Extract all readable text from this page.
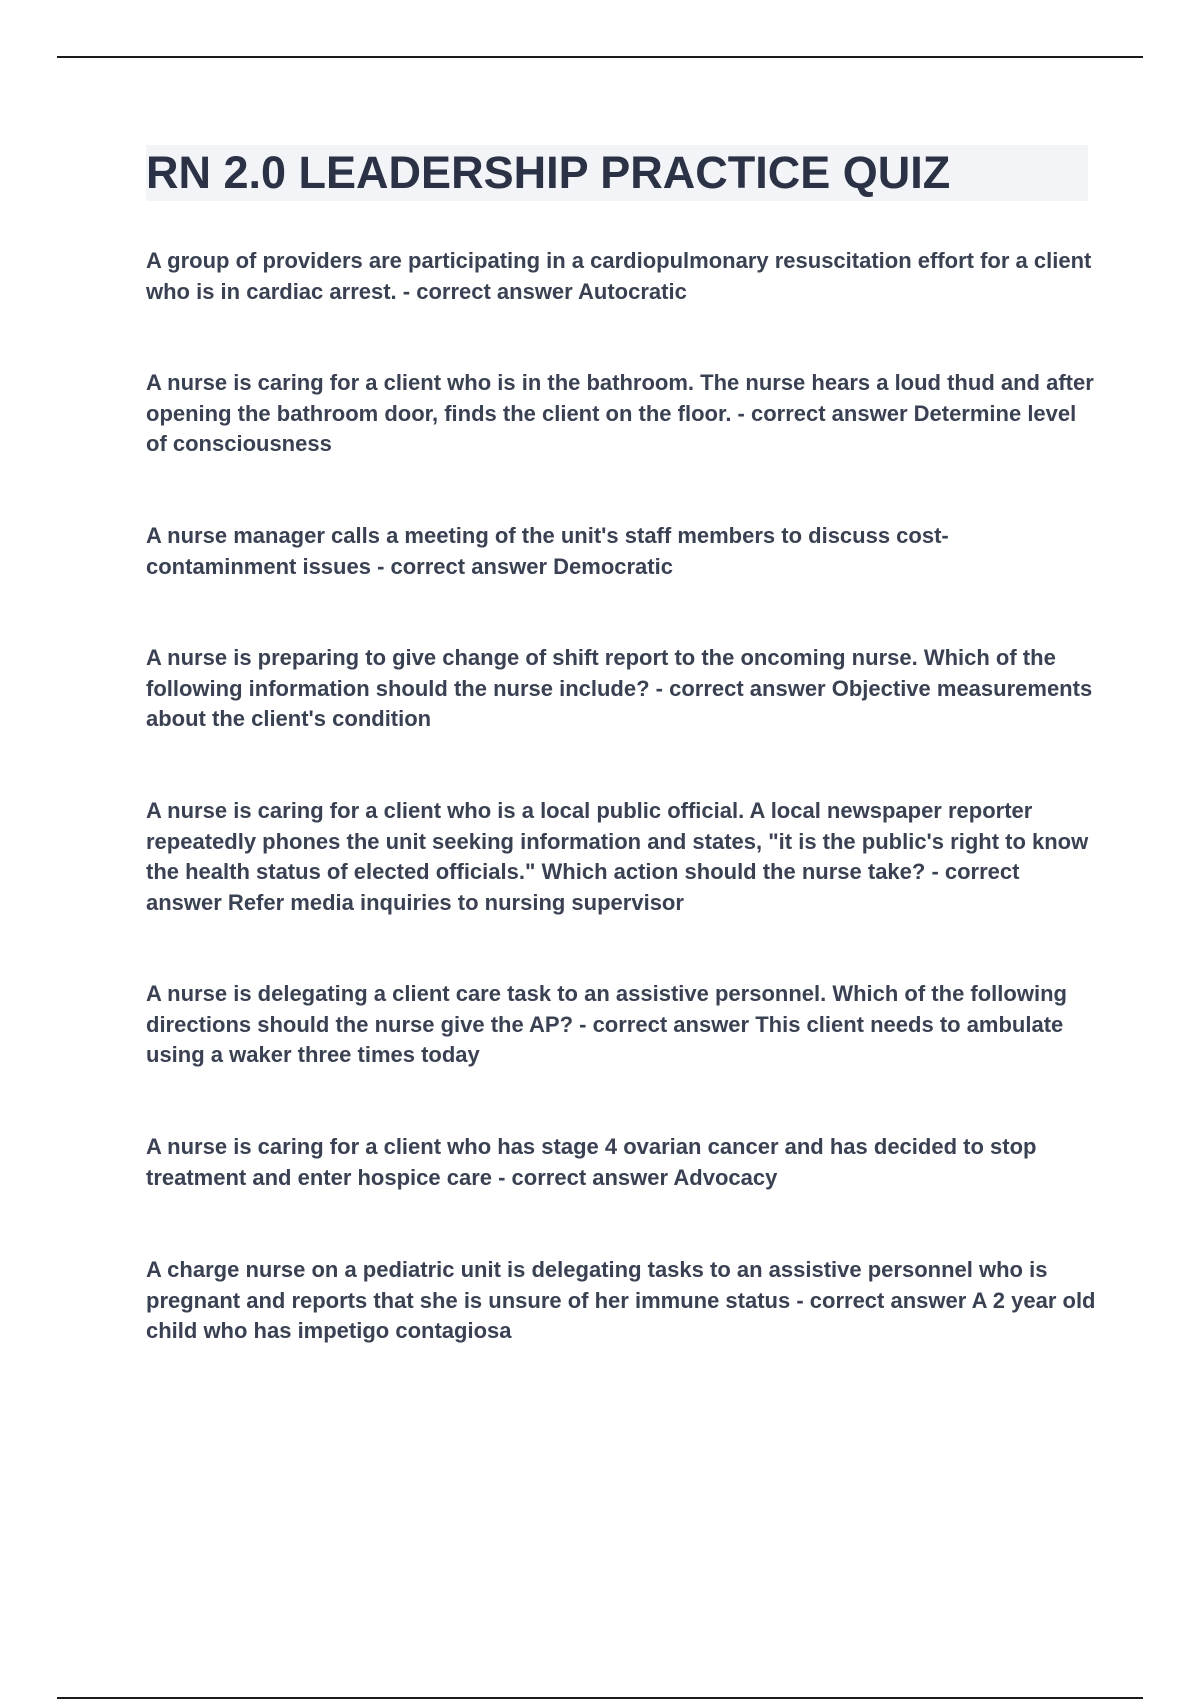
RN 2.0 LEADERSHIP PRACTICE QUIZ
A group of providers are participating in a cardiopulmonary resuscitation effort for a client who is in cardiac arrest. - correct answer Autocratic
A nurse is caring for a client who is in the bathroom. The nurse hears a loud thud and after opening the bathroom door, finds the client on the floor. - correct answer Determine level of consciousness
A nurse manager calls a meeting of the unit's staff members to discuss cost-contaminment issues - correct answer Democratic
A nurse is preparing to give change of shift report to the oncoming nurse. Which of the following information should the nurse include? - correct answer Objective measurements about the client's condition
A nurse is caring for a client who is a local public official. A local newspaper reporter repeatedly phones the unit seeking information and states, "it is the public's right to know the health status of elected officials." Which action should the nurse take? - correct answer Refer media inquiries to nursing supervisor
A nurse is delegating a client care task to an assistive personnel. Which of the following directions should the nurse give the AP? - correct answer This client needs to ambulate using a waker three times today
A nurse is caring for a client who has stage 4 ovarian cancer and has decided to stop treatment and enter hospice care - correct answer Advocacy
A charge nurse on a pediatric unit is delegating tasks to an assistive personnel who is pregnant and reports that she is unsure of her immune status - correct answer A 2 year old child who has impetigo contagiosa
